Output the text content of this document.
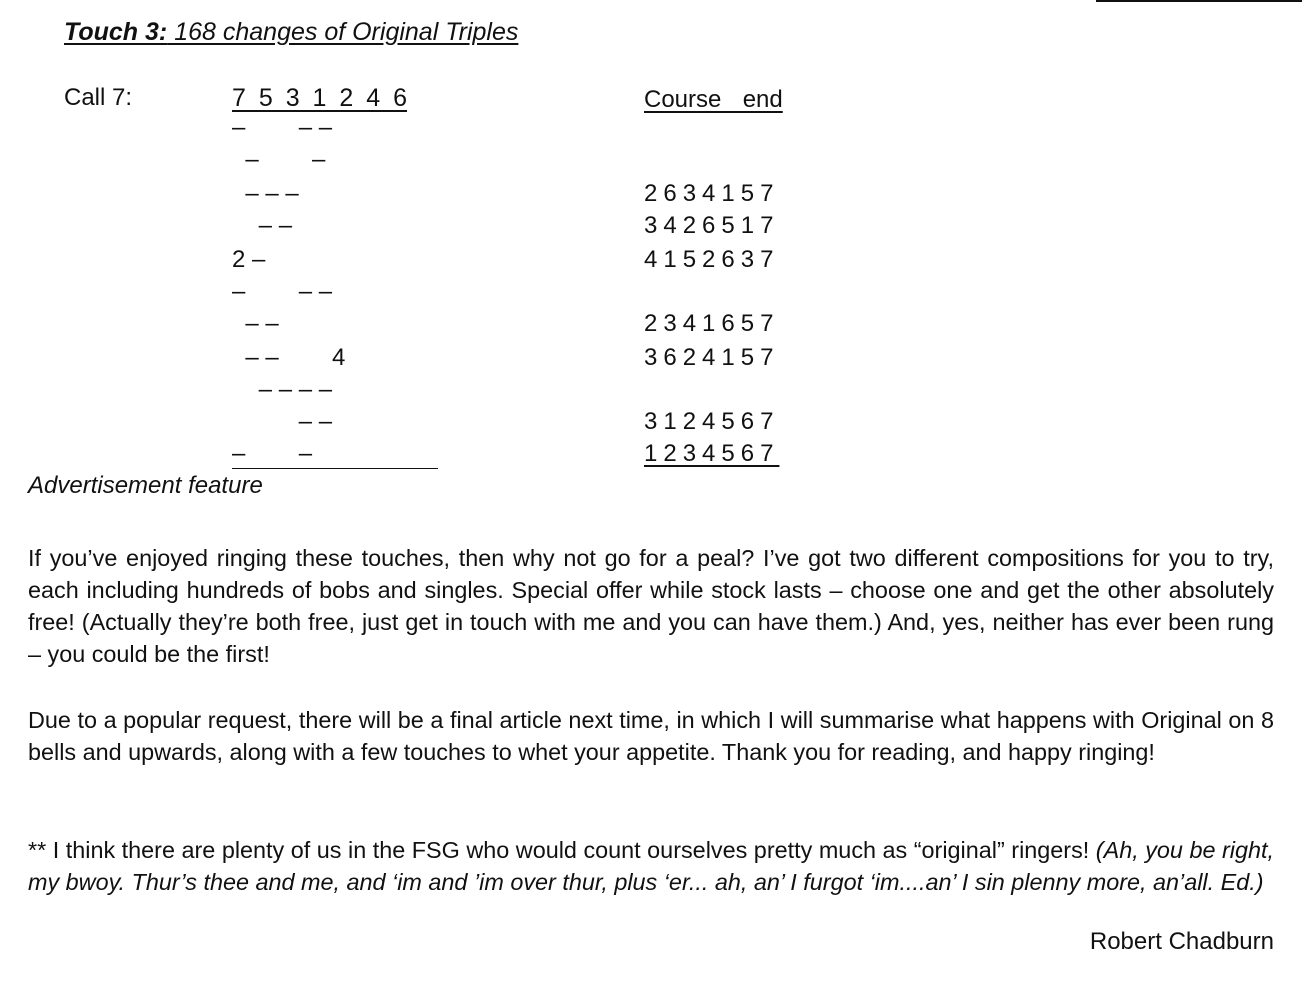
Touch 3: 168 changes of Original Triples
Call 7:	7 5 3 1 2 4 6	Course  end
–        – –
–        –
– – –
– –
2 –
–        – –
– –
– –        4
– – – –
– –
–        –
2634157
3426517
4152637
2341657
3624157
3124567
1234567
Advertisement feature

If you’ve enjoyed ringing these touches, then why not go for a peal? I’ve got two different compositions for you to try, each including hundreds of bobs and singles. Special offer while stock lasts – choose one and get the other absolutely free! (Actually they’re both free, just get in touch with me and you can have them.) And, yes, neither has ever been rung – you could be the first!

Due to a popular request, there will be a final article next time, in which I will summarise what happens with Original on 8 bells and upwards, along with a few touches to whet your appetite. Thank you for reading, and happy ringing!

** I think there are plenty of us in the FSG who would count ourselves pretty much as “original” ringers! (Ah, you be right, my bwoy. Thur’s thee and me, and ‘im and ’im over thur, plus ‘er... ah, an’ I furgot ‘im....an’ I sin plenny more, an’all. Ed.)

Robert Chadburn
